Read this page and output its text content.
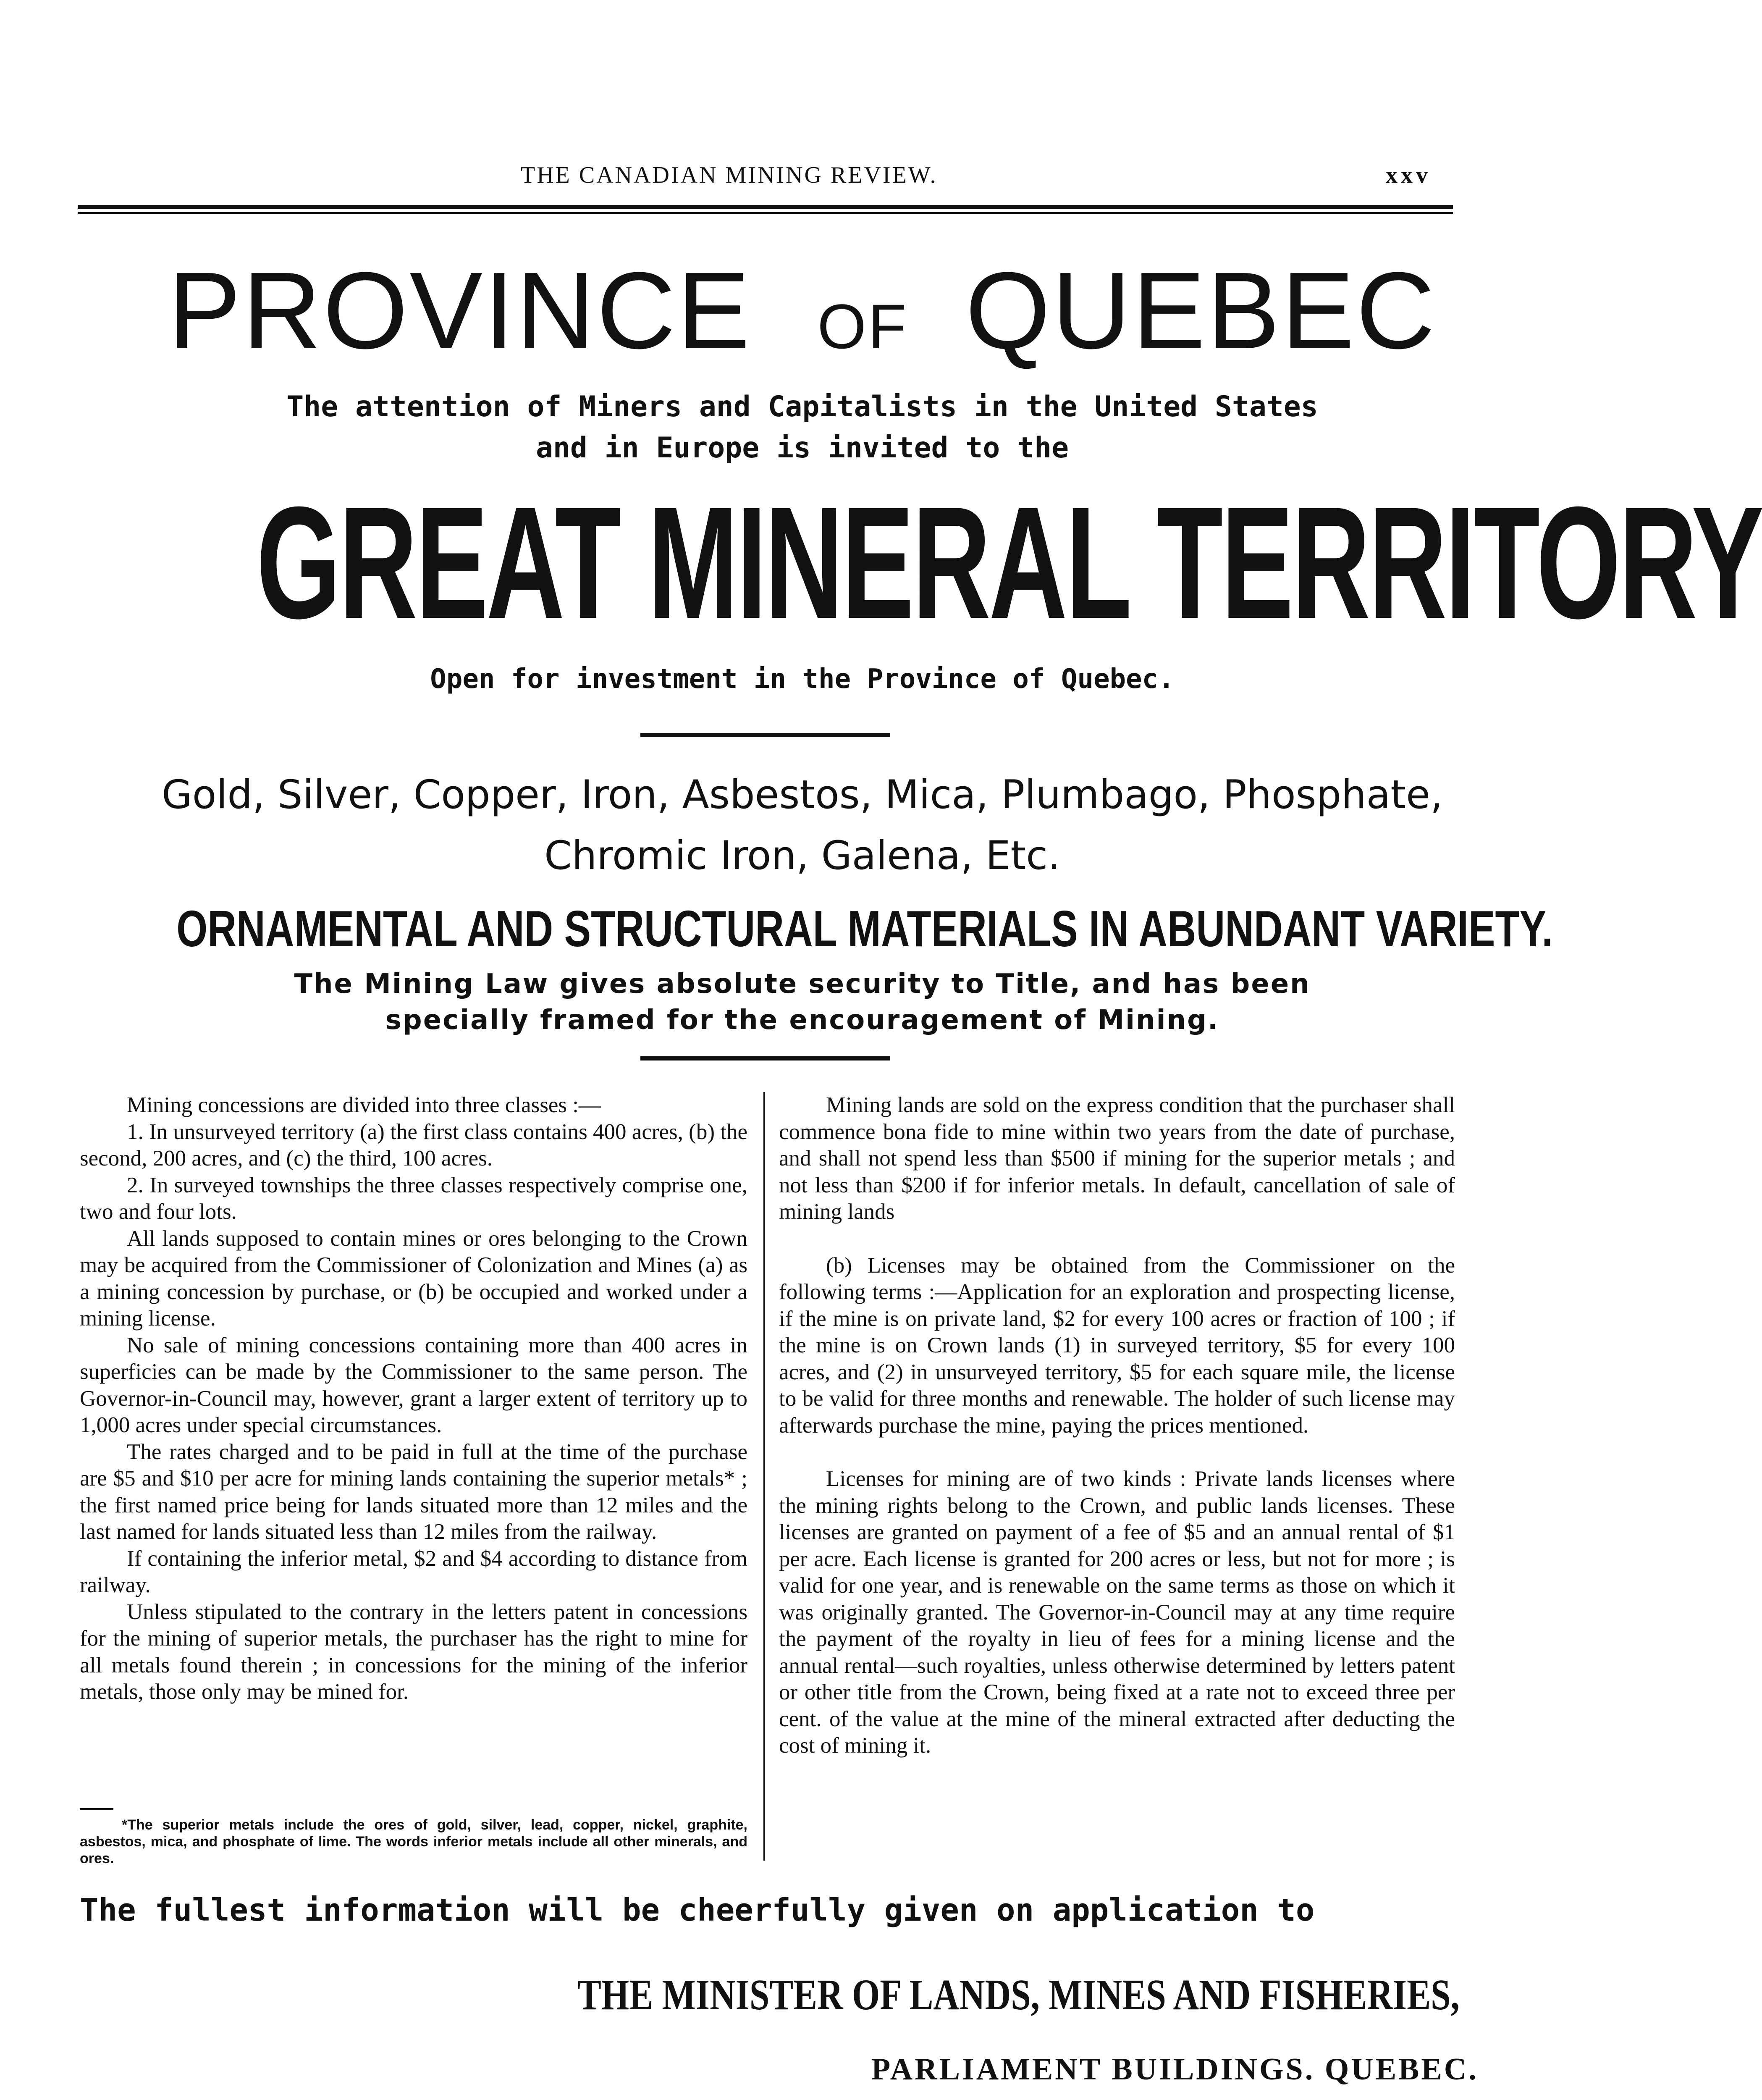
THE CANADIAN MINING REVIEW.	xxv
PROVINCE OF QUEBEC
The attention of Miners and Capitalists in the United States
and in Europe is invited to the
GREAT MINERAL TERRITORY
Open for investment in the Province of Quebec.
Gold, Silver, Copper, Iron, Asbestos, Mica, Plumbago, Phosphate,
Chromic Iron, Galena, Etc.
ORNAMENTAL AND STRUCTURAL MATERIALS IN ABUNDANT VARIETY.
The Mining Law gives absolute security to Title, and has been
specially framed for the encouragement of Mining.

Mining concessions are divided into three classes :—

1. In unsurveyed territory (a) the first class contains 400 acres, (b) the second, 200 acres, and (c) the third, 100 acres.

2. In surveyed townships the three classes respectively comprise one, two and four lots.

All lands supposed to contain mines or ores belonging to the Crown may be acquired from the Commissioner of Colonization and Mines (a) as a mining concession by purchase, or (b) be occupied and worked under a mining license.

No sale of mining concessions containing more than 400 acres in superficies can be made by the Commissioner to the same person. The Governor-in-Council may, however, grant a larger extent of territory up to 1,000 acres under special circumstances.

The rates charged and to be paid in full at the time of the purchase are $5 and $10 per acre for mining lands containing the superior metals* ; the first named price being for lands situated more than 12 miles and the last named for lands situated less than 12 miles from the railway.

If containing the inferior metal, $2 and $4 according to distance from railway.

Unless stipulated to the contrary in the letters patent in concessions for the mining of superior metals, the purchaser has the right to mine for all metals found therein ; in concessions for the mining of the inferior metals, those only may be mined for.

Mining lands are sold on the express condition that the purchaser shall commence bona fide to mine within two years from the date of purchase, and shall not spend less than $500 if mining for the superior metals ; and not less than $200 if for inferior metals. In default, cancellation of sale of mining lands

(b) Licenses may be obtained from the Commissioner on the following terms :—Application for an exploration and prospecting license, if the mine is on private land, $2 for every 100 acres or fraction of 100 ; if the mine is on Crown lands (1) in surveyed territory, $5 for every 100 acres, and (2) in unsurveyed territory, $5 for each square mile, the license to be valid for three months and renewable. The holder of such license may afterwards purchase the mine, paying the prices mentioned.

Licenses for mining are of two kinds : Private lands licenses where the mining rights belong to the Crown, and public lands licenses. These licenses are granted on payment of a fee of $5 and an annual rental of $1 per acre. Each license is granted for 200 acres or less, but not for more ; is valid for one year, and is renewable on the same terms as those on which it was originally granted. The Governor-in-Council may at any time require the payment of the royalty in lieu of fees for a mining license and the annual rental—such royalties, unless otherwise determined by letters patent or other title from the Crown, being fixed at a rate not to exceed three per cent. of the value at the mine of the mineral extracted after deducting the cost of mining it.

*The superior metals include the ores of gold, silver, lead, copper, nickel, graphite, asbestos, mica, and phosphate of lime. The words inferior metals include all other minerals, and ores.
The fullest information will be cheerfully given on application to
THE MINISTER OF LANDS, MINES AND FISHERIES,
PARLIAMENT BUILDINGS. QUEBEC.
